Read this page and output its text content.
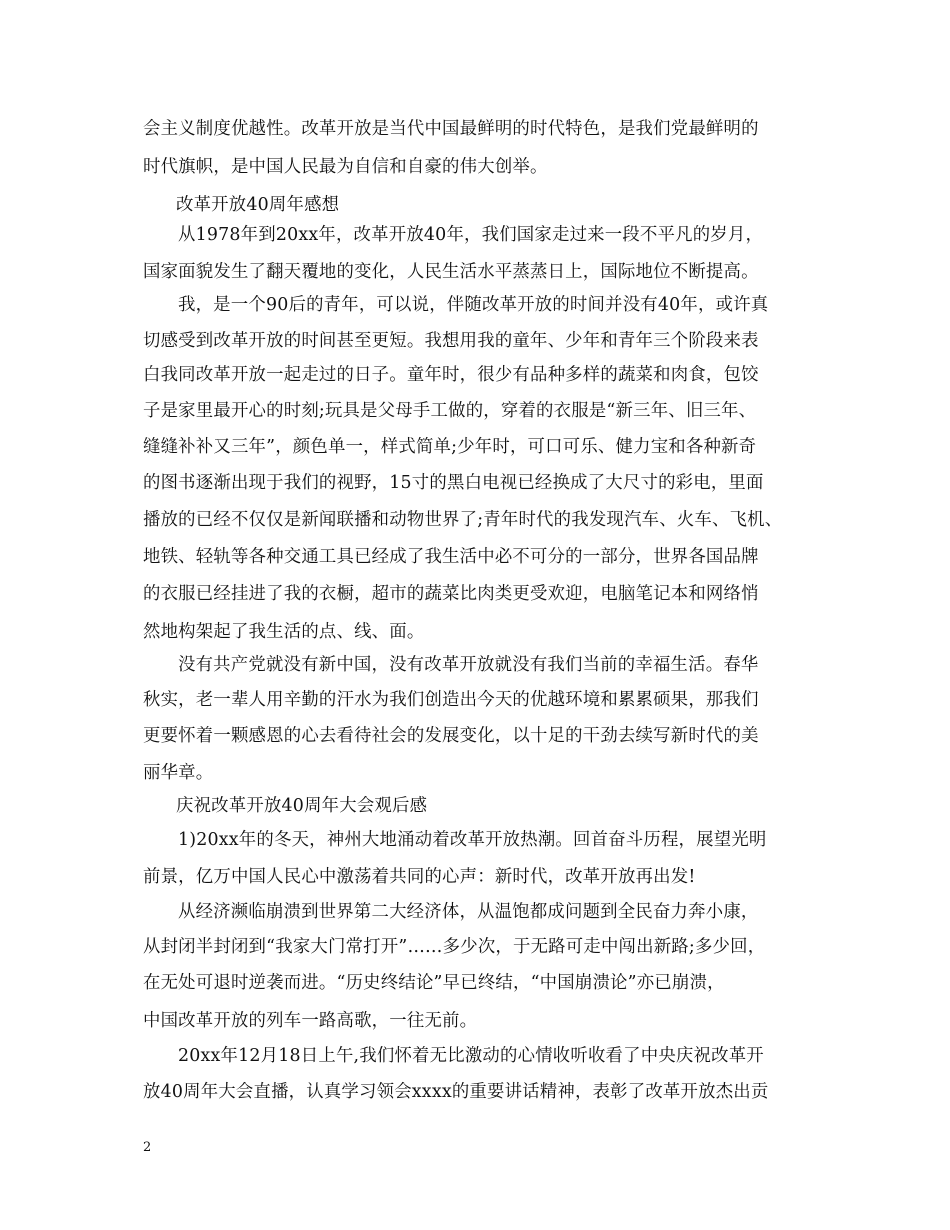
会主义制度优越性。改革开放是当代中国最鲜明的时代特色，是我们党最鲜明的
时代旗帜，是中国人民最为自信和自豪的伟大创举。
改革开放40周年感想
从1978年到20xx年，改革开放40年，我们国家走过来一段不平凡的岁月，
国家面貌发生了翻天覆地的变化，人民生活水平蒸蒸日上，国际地位不断提高。
我，是一个90后的青年，可以说，伴随改革开放的时间并没有40年，或许真
切感受到改革开放的时间甚至更短。我想用我的童年、少年和青年三个阶段来表
白我同改革开放一起走过的日子。童年时，很少有品种多样的蔬菜和肉食，包饺
子是家里最开心的时刻;玩具是父母手工做的，穿着的衣服是“新三年、旧三年、
缝缝补补又三年”，颜色单一，样式简单;少年时，可口可乐、健力宝和各种新奇
的图书逐渐出现于我们的视野，15寸的黑白电视已经换成了大尺寸的彩电，里面
播放的已经不仅仅是新闻联播和动物世界了;青年时代的我发现汽车、火车、飞机、
地铁、轻轨等各种交通工具已经成了我生活中必不可分的一部分，世界各国品牌
的衣服已经挂进了我的衣橱，超市的蔬菜比肉类更受欢迎，电脑笔记本和网络悄
然地构架起了我生活的点、线、面。
没有共产党就没有新中国，没有改革开放就没有我们当前的幸福生活。春华
秋实，老一辈人用辛勤的汗水为我们创造出今天的优越环境和累累硕果，那我们
更要怀着一颗感恩的心去看待社会的发展变化，以十足的干劲去续写新时代的美
丽华章。
庆祝改革开放40周年大会观后感
1)20xx年的冬天，神州大地涌动着改革开放热潮。回首奋斗历程，展望光明
前景，亿万中国人民心中激荡着共同的心声：新时代，改革开放再出发!
从经济濒临崩溃到世界第二大经济体，从温饱都成问题到全民奋力奔小康，
从封闭半封闭到“我家大门常打开”……多少次，于无路可走中闯出新路;多少回，
在无处可退时逆袭而进。“历史终结论”早已终结，“中国崩溃论”亦已崩溃，
中国改革开放的列车一路高歌，一往无前。
20xx年12月18日上午,我们怀着无比激动的心情收听收看了中央庆祝改革开
放40周年大会直播，认真学习领会xxxx的重要讲话精神，表彰了改革开放杰出贡
2
